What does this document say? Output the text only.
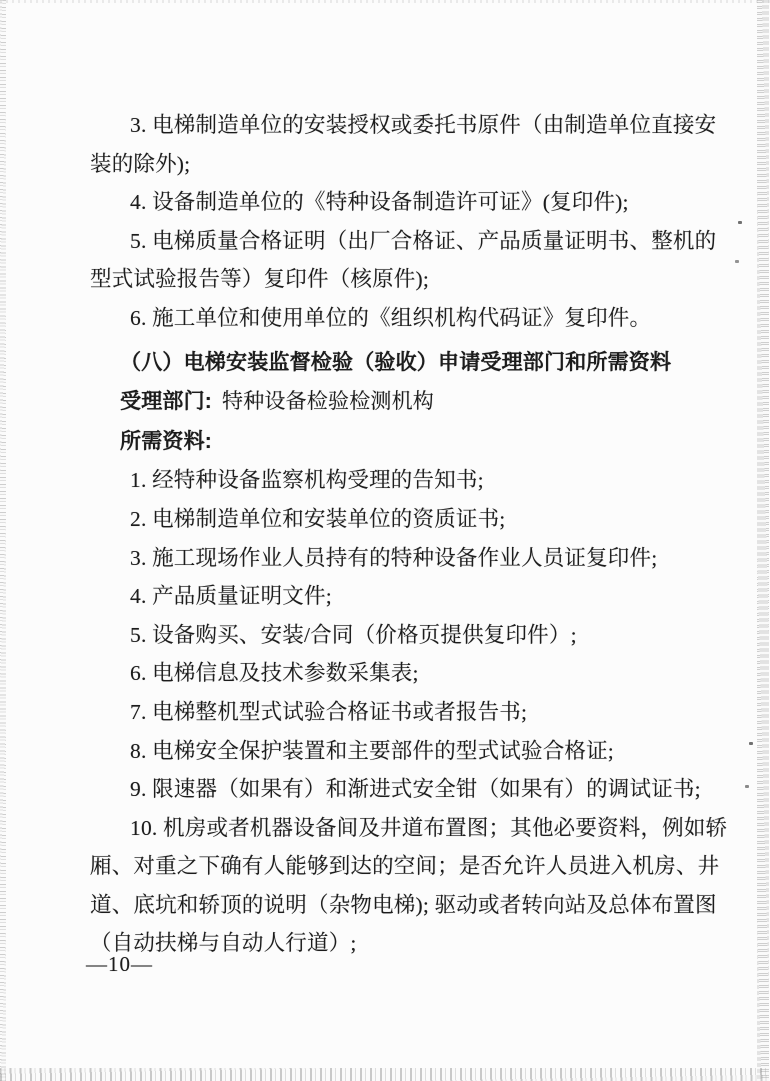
3. 电梯制造单位的安装授权或委托书原件（由制造单位直接安
装的除外);
4. 设备制造单位的《特种设备制造许可证》(复印件);
5. 电梯质量合格证明（出厂合格证、产品质量证明书、整机的
型式试验报告等）复印件（核原件);
6. 施工单位和使用单位的《组织机构代码证》复印件。
（八）电梯安装监督检验（验收）申请受理部门和所需资料
受理部门: 特种设备检验检测机构
所需资料:
1. 经特种设备监察机构受理的告知书;
2. 电梯制造单位和安装单位的资质证书;
3. 施工现场作业人员持有的特种设备作业人员证复印件;
4. 产品质量证明文件;
5. 设备购买、安装/合同（价格页提供复印件）;
6. 电梯信息及技术参数采集表;
7. 电梯整机型式试验合格证书或者报告书;
8. 电梯安全保护装置和主要部件的型式试验合格证;
9. 限速器（如果有）和渐进式安全钳（如果有）的调试证书;
10. 机房或者机器设备间及井道布置图；其他必要资料，例如轿
厢、对重之下确有人能够到达的空间；是否允许人员进入机房、井
道、底坑和轿顶的说明（杂物电梯); 驱动或者转向站及总体布置图
（自动扶梯与自动人行道）;
—10—
